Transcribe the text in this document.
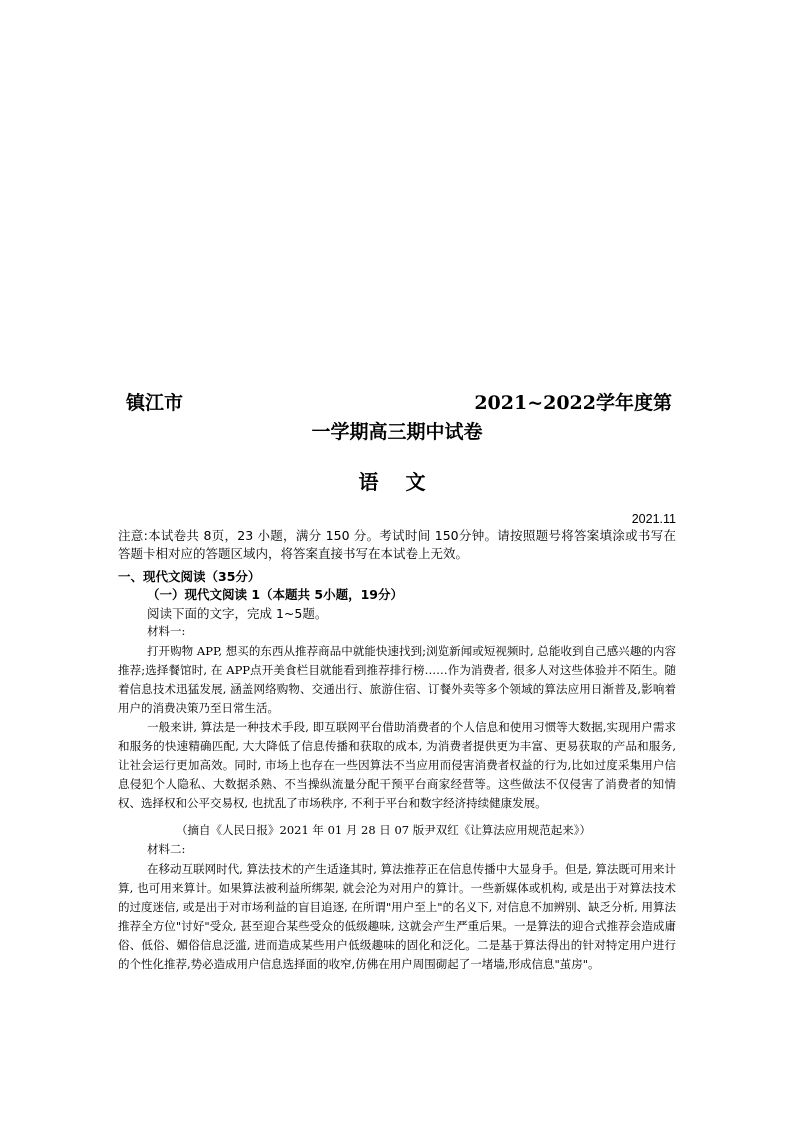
镇江市	2021~2022学年度第
一学期高三期中试卷
语 文
2021.11
注意:本试卷共 8页，23 小题，满分 150 分。考试时间 150分钟。请按照题号将答案填涂或书写在答题卡相对应的答题区域内，将答案直接书写在本试卷上无效。
一、现代文阅读（35分）
（一）现代文阅读 1（本题共 5小题，19分）
阅读下面的文字，完成 1~5题。
材料一:

打开购物 APP, 想买的东西从推荐商品中就能快速找到;浏览新闻或短视频时, 总能收到自己感兴趣的内容推荐;选择餐馆时, 在 APP点开美食栏目就能看到推荐排行榜……作为消费者, 很多人对这些体验并不陌生。随着信息技术迅猛发展, 涵盖网络购物、交通出行、旅游住宿、订餐外卖等多个领域的算法应用日渐普及,影响着用户的消费决策乃至日常生活。

一般来讲, 算法是一种技术手段, 即互联网平台借助消费者的个人信息和使用习惯等大数据,实现用户需求和服务的快速精确匹配, 大大降低了信息传播和获取的成本, 为消费者提供更为丰富、更易获取的产品和服务, 让社会运行更加高效。同时, 市场上也存在一些因算法不当应用而侵害消费者权益的行为,比如过度采集用户信息侵犯个人隐私、大数据杀熟、不当操纵流量分配干预平台商家经营等。这些做法不仅侵害了消费者的知情权、选择权和公平交易权, 也扰乱了市场秩序, 不利于平台和数字经济持续健康发展。

（摘自《人民日报》2021 年 01 月 28 日 07 版尹双红《让算法应用规范起来》）
材料二:

在移动互联网时代, 算法技术的产生适逢其时, 算法推荐正在信息传播中大显身手。但是, 算法既可用来计算, 也可用来算计。如果算法被利益所绑架, 就会沦为对用户的算计。一些新媒体或机构, 或是出于对算法技术的过度迷信, 或是出于对市场利益的盲目追逐, 在所谓"用户至上"的名义下, 对信息不加辨别、缺乏分析, 用算法推荐全方位"讨好"受众, 甚至迎合某些受众的低级趣味, 这就会产生严重后果。一是算法的迎合式推荐会造成庸俗、低俗、媚俗信息泛滥, 进而造成某些用户低级趣味的固化和泛化。二是基于算法得出的针对特定用户进行的个性化推荐,势必造成用户信息选择面的收窄,仿佛在用户周围砌起了一堵墙,形成信息"茧房"。
